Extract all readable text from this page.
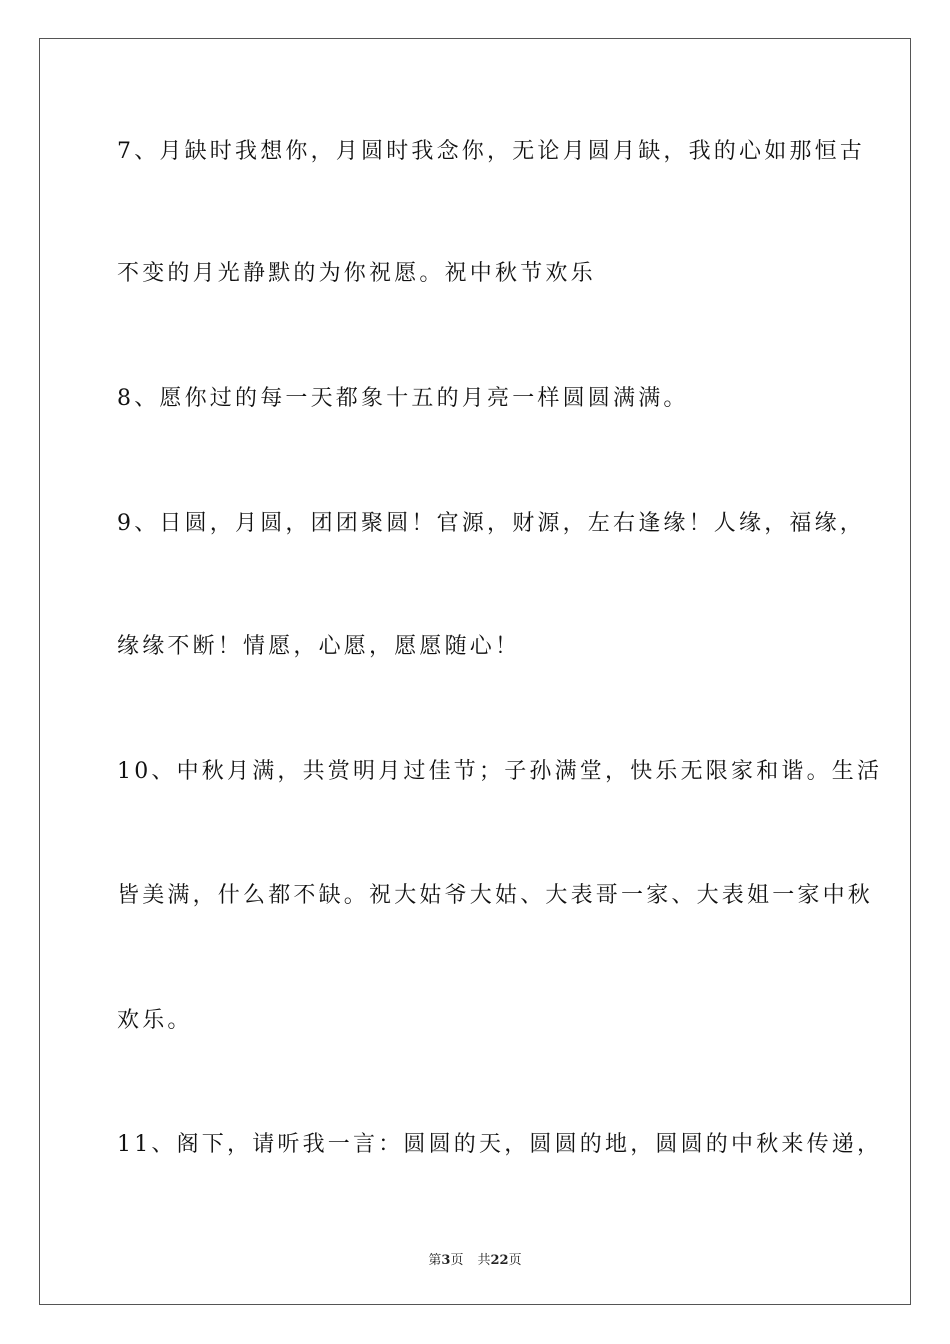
7、月缺时我想你，月圆时我念你，无论月圆月缺，我的心如那恒古
不变的月光静默的为你祝愿。祝中秋节欢乐
8、愿你过的每一天都象十五的月亮一样圆圆满满。
9、日圆，月圆，团团聚圆！官源，财源，左右逢缘！人缘，福缘，
缘缘不断！情愿，心愿，愿愿随心！
10、中秋月满，共赏明月过佳节；子孙满堂，快乐无限家和谐。生活
皆美满，什么都不缺。祝大姑爷大姑、大表哥一家、大表姐一家中秋
欢乐。
11、阁下，请听我一言：圆圆的天，圆圆的地，圆圆的中秋来传递，
第3页 共22页
